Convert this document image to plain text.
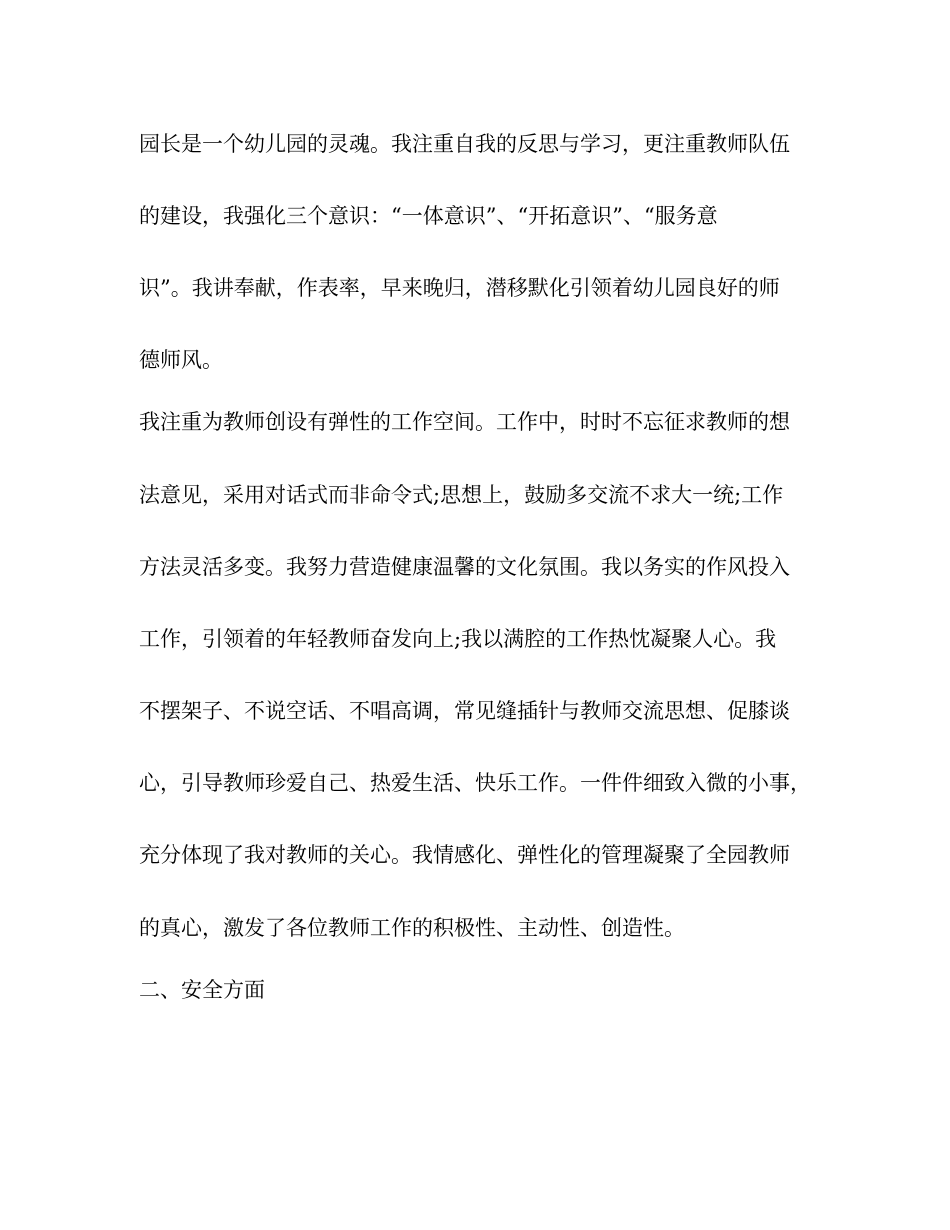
园长是一个幼儿园的灵魂。我注重自我的反思与学习，更注重教师队伍
的建设，我强化三个意识：“一体意识”、“开拓意识”、“服务意
识”。我讲奉献，作表率，早来晚归，潜移默化引领着幼儿园良好的师
德师风。
我注重为教师创设有弹性的工作空间。工作中，时时不忘征求教师的想
法意见，采用对话式而非命令式;思想上，鼓励多交流不求大一统;工作
方法灵活多变。我努力营造健康温馨的文化氛围。我以务实的作风投入
工作，引领着的年轻教师奋发向上;我以满腔的工作热忱凝聚人心。我
不摆架子、不说空话、不唱高调，常见缝插针与教师交流思想、促膝谈
心，引导教师珍爱自己、热爱生活、快乐工作。一件件细致入微的小事，
充分体现了我对教师的关心。我情感化、弹性化的管理凝聚了全园教师
的真心，激发了各位教师工作的积极性、主动性、创造性。
二、安全方面
